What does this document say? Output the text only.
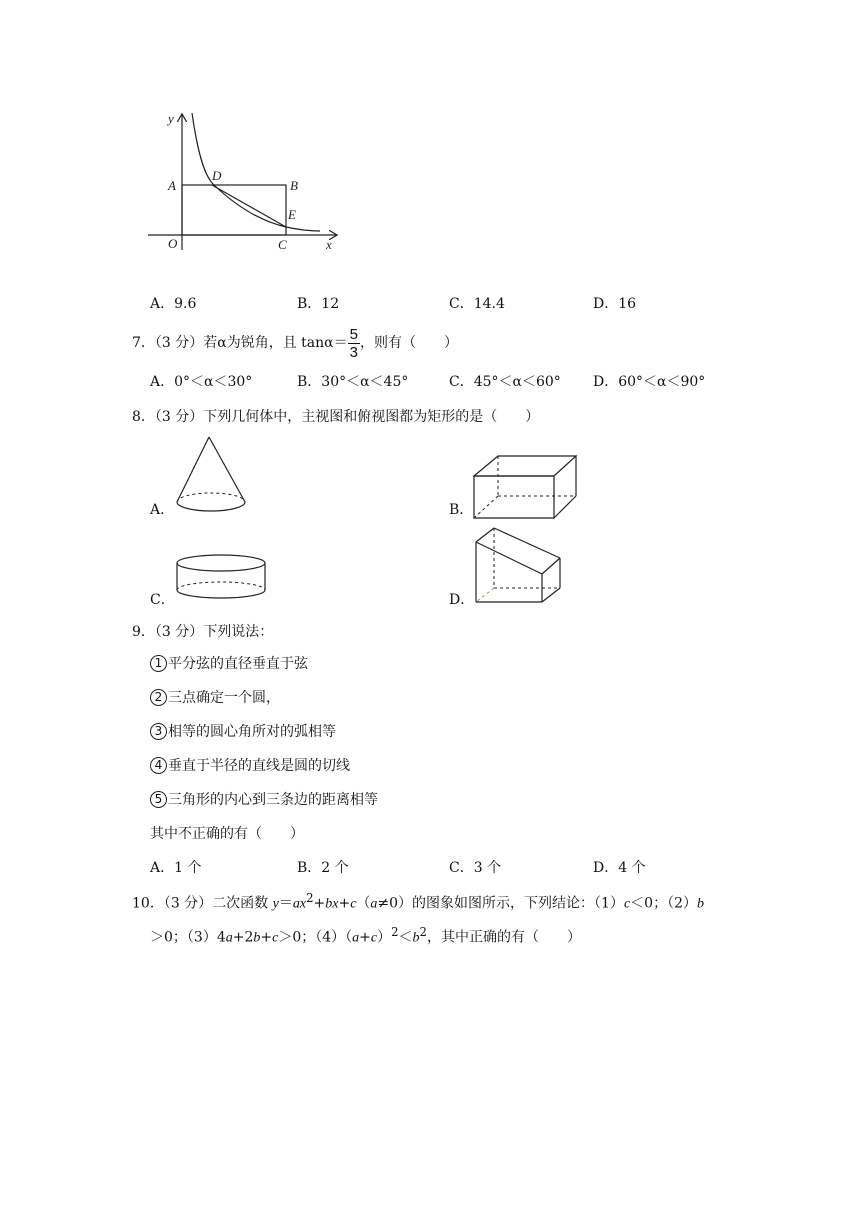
y
x
A	B
D
E
O	C
A．9.6	B．12	C．14.4	D．16
7．（3 分）若α为锐角，且 $\tan\alpha= \frac{5}{3}$ ，则有（　　）
A．0°＜α＜30°	B．30°＜α＜45°	C．45°＜α＜60° D．60°＜α＜90°
8．（3 分）下列几何体中，主视图和俯视图都为矩形的是（　　）
A．	B．
C．	D．
9．（3 分）下列说法：
1 平分弦的直径垂直于弦
2 三点确定一个圆，
3 相等的圆心角所对的弧相等
4 垂直于半径的直线是圆的切线
5 三角形的内心到三条边的距离相等
其中不正确的有（　　）
A．1 个	B．2 个	C．3 个	D．4 个
10．（3 分）二次函数 $y=ax^2+bx+c(a\ne 0)$的图象如图所示，下列结论：（1）c＜0；（2）b
＞0；（3）4a+2b+c＞0；$(4)(a+c)^2<b^2$，其中正确的有（　　）
